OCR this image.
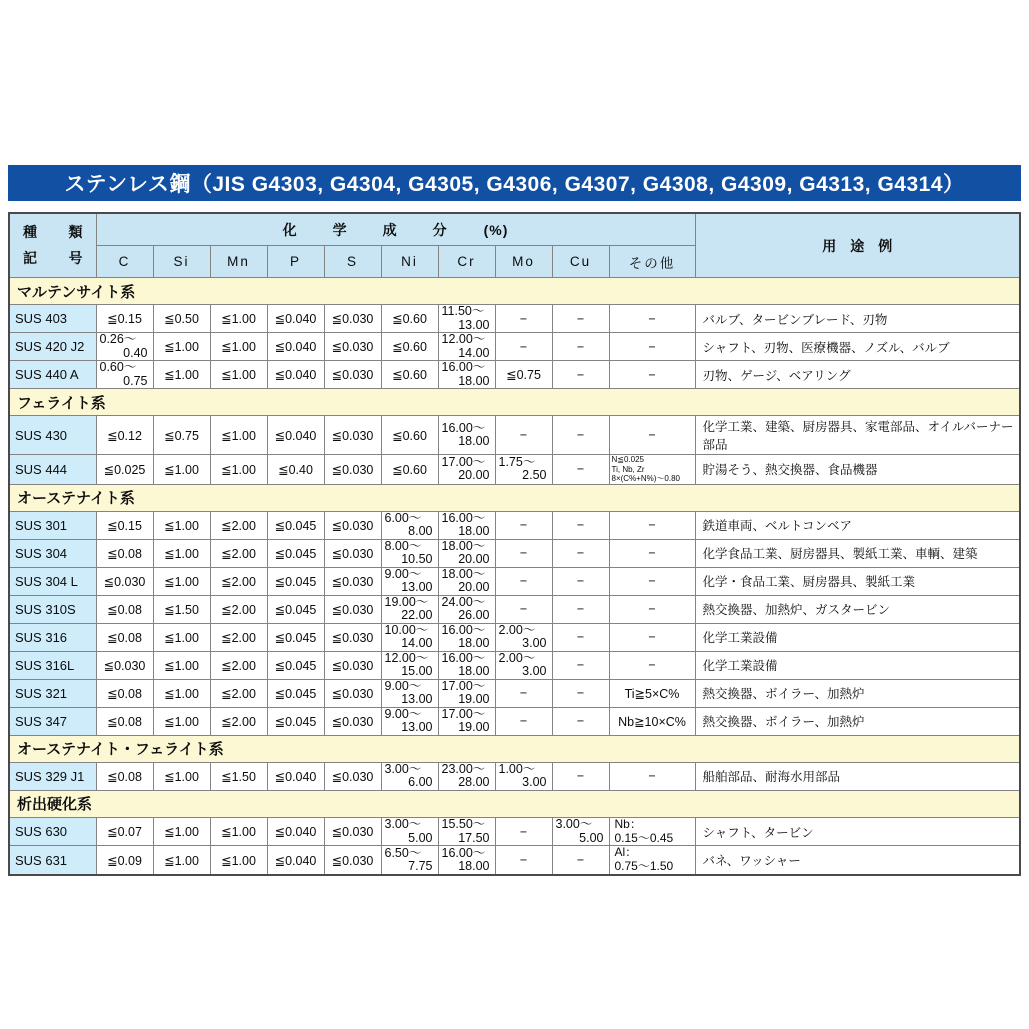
ステンレス鋼（JIS G4303, G4304, G4305, G4306, G4307, G4308, G4309, G4313, G4314）
種　類
記　号	化　学　成　分 (%)										用途例
	C	Si	Mn	P	S	Ni	Cr	Mo	Cu	その他	
マルテンサイト系											
SUS 403	≦0.15	≦0.50	≦1.00	≦0.040	≦0.030	≦0.60	11.50～
13.00	−	−	−	バルブ、タービンブレード、刃物
SUS 420 J2	0.26～
0.40	≦1.00	≦1.00	≦0.040	≦0.030	≦0.60	12.00～
14.00	−	−	−	シャフト、刃物、医療機器、ノズル、バルブ
SUS 440 A	0.60～
0.75	≦1.00	≦1.00	≦0.040	≦0.030	≦0.60	16.00～
18.00	≦0.75	−	−	刃物、ゲージ、ベアリング
フェライト系											
SUS 430	≦0.12	≦0.75	≦1.00	≦0.040	≦0.030	≦0.60	16.00～
18.00	−	−	−	化学工業、建築、厨房器具、家電部品、オイルバーナー部品
SUS 444	≦0.025	≦1.00	≦1.00	≦0.40	≦0.030	≦0.60	17.00～
20.00	1.75～
2.50	−	N≦0.025
Ti, Nb, Zr
8×(C%+N%)～0.80	貯湯そう、熱交換器、食品機器
オーステナイト系											
SUS 301	≦0.15	≦1.00	≦2.00	≦0.045	≦0.030	6.00～
8.00	16.00～
18.00	−	−	−	鉄道車両、ベルトコンベア
SUS 304	≦0.08	≦1.00	≦2.00	≦0.045	≦0.030	8.00～
10.50	18.00～
20.00	−	−	−	化学食品工業、厨房器具、製紙工業、車輌、建築
SUS 304 L	≦0.030	≦1.00	≦2.00	≦0.045	≦0.030	9.00～
13.00	18.00～
20.00	−	−	−	化学・食品工業、厨房器具、製紙工業
SUS 310S	≦0.08	≦1.50	≦2.00	≦0.045	≦0.030	19.00～
22.00	24.00～
26.00	−	−	−	熱交換器、加熱炉、ガスタービン
SUS 316	≦0.08	≦1.00	≦2.00	≦0.045	≦0.030	10.00～
14.00	16.00～
18.00	2.00～
3.00	−	−	化学工業設備
SUS 316L	≦0.030	≦1.00	≦2.00	≦0.045	≦0.030	12.00～
15.00	16.00～
18.00	2.00～
3.00	−	−	化学工業設備
SUS 321	≦0.08	≦1.00	≦2.00	≦0.045	≦0.030	9.00～
13.00	17.00～
19.00	−	−	Ti≧5×C%	熱交換器、ボイラー、加熱炉
SUS 347	≦0.08	≦1.00	≦2.00	≦0.045	≦0.030	9.00～
13.00	17.00～
19.00	−	−	Nb≧10×C%	熱交換器、ボイラー、加熱炉
オーステナイト・フェライト系											
SUS 329 J1	≦0.08	≦1.00	≦1.50	≦0.040	≦0.030	3.00～
6.00	23.00～
28.00	1.00～
3.00	−	−	船舶部品、耐海水用部品
析出硬化系											
SUS 630	≦0.07	≦1.00	≦1.00	≦0.040	≦0.030	3.00～
5.00	15.50～
17.50	−	3.00～
5.00	Nb：
0.15～0.45	シャフト、タービン
SUS 631	≦0.09	≦1.00	≦1.00	≦0.040	≦0.030	6.50～
7.75	16.00～
18.00	−	−	Al：
0.75～1.50	バネ、ワッシャー
